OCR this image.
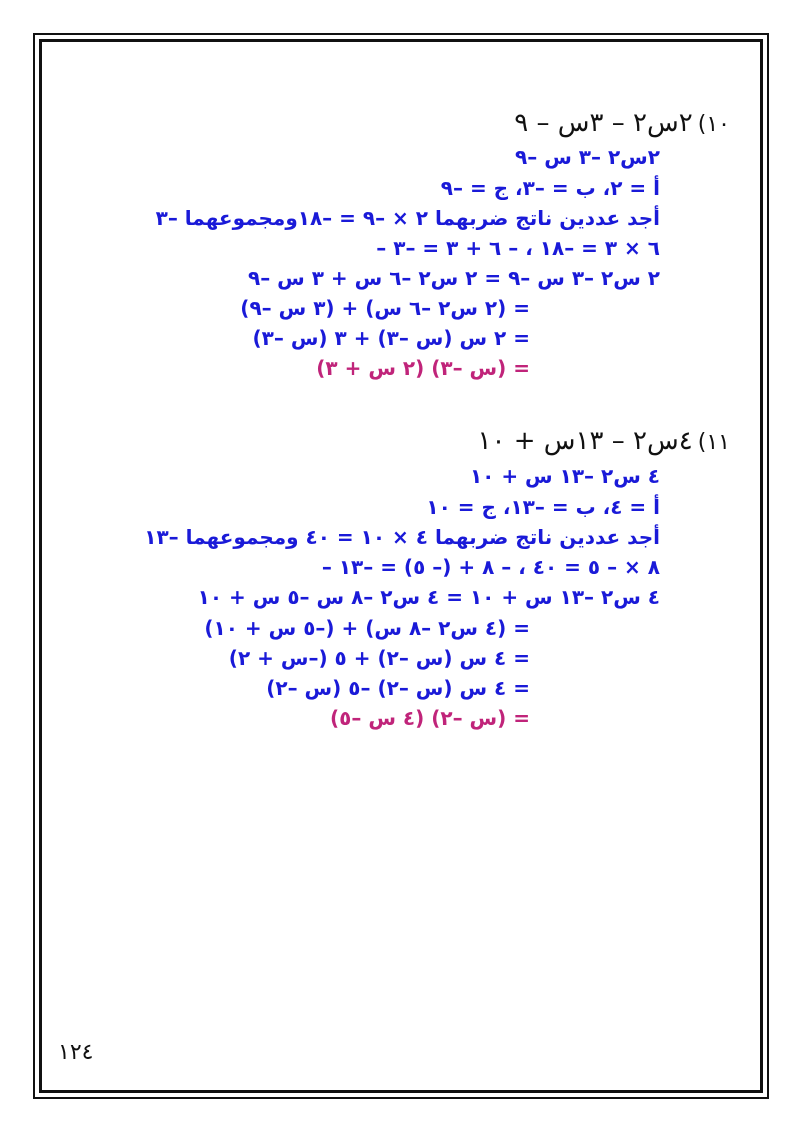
١٠) ٢س٢ – ٣س – ٩
٢س٢ –٣ س –٩
أ = ٢، ب = –٣، ج = –٩
أجد عددين ناتج ضربهما ٢ × –٩ = –١٨ومجموعهما –٣
– ٦ × ٣ = –١٨ ، – ٦ + ٣ = –٣
٢ س٢ –٣ س –٩ = ٢ س٢ –٦ س + ٣ س –٩
= (٢ س٢ –٦ س) + (٣ س –٩)
= ٢ س (س –٣) + ٣ (س –٣)
= (س –٣) (٢ س + ٣)
١١) ٤س٢ – ١٣س + ١٠
٤ س٢ –١٣ س + ١٠
أ = ٤، ب = –١٣، ج = ١٠
أجد عددين ناتج ضربهما ٤ × ١٠ = ٤٠ ومجموعهما –١٣
– ٨ × – ٥ = ٤٠ ، – ٨ + (– ٥) = –١٣
٤ س٢ –١٣ س + ١٠ = ٤ س٢ –٨ س –٥ س + ١٠
= (٤ س٢ –٨ س) + (–٥ س + ١٠)
= ٤ س (س –٢) + ٥ (–س + ٢)
= ٤ س (س –٢) –٥ (س –٢)
= (س –٢) (٤ س –٥)
١٢٤
